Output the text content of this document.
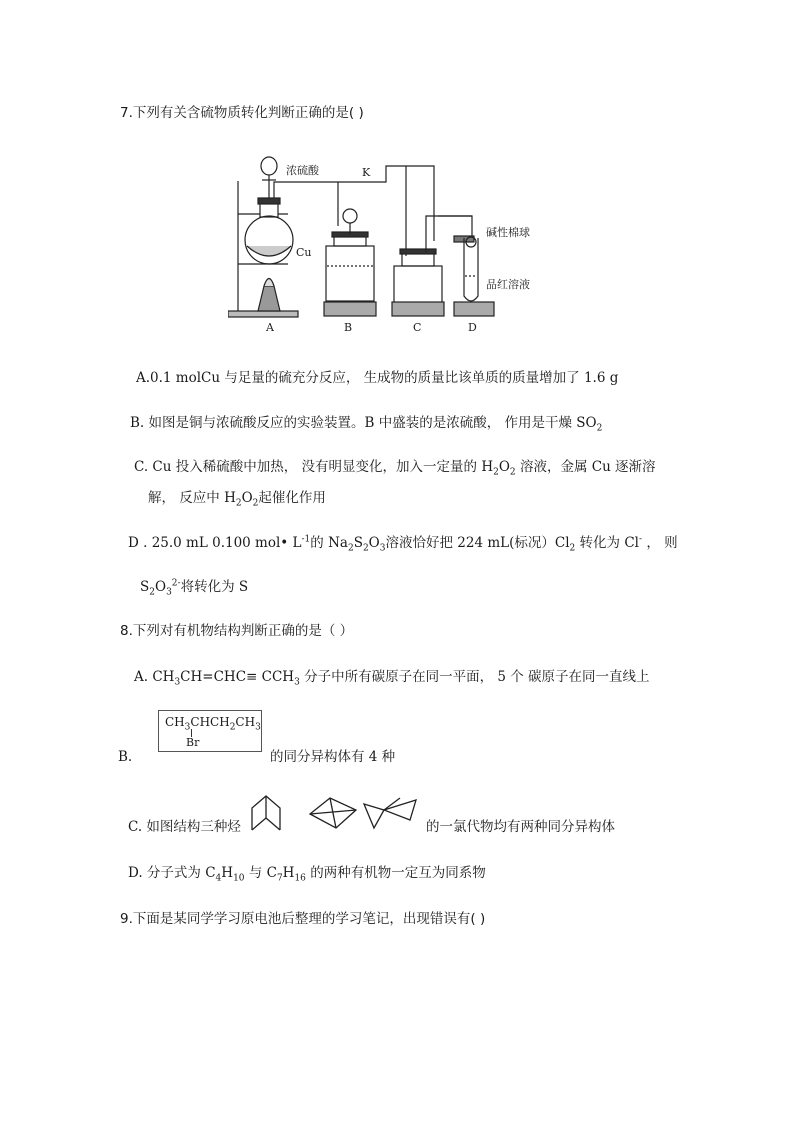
7.下列有关含硫物质转化判断正确的是( )
浓硫酸	K
Cu
碱性棉球
品红溶液
A	B	C	D
A.0.1 molCu 与足量的硫充分反应， 生成物的质量比该单质的质量增加了 1.6 g
B. 如图是铜与浓硫酸反应的实验装置。B 中盛装的是浓硫酸， 作用是干燥 $SO_2$
C. Cu 投入稀硫酸中加热， 没有明显变化，加入一定量的 $H_2O_2$ 溶液，金属 Cu 逐渐溶
解， 反应中 $H_2O_2$起催化作用
D . 25.0 mL 0.100 mol• $L^{-1}$的 $Na_2S_2O_3$溶液恰好把 224 mL(标况）$Cl_2$ 转化为 Cl- ， 则
$S_2O_3^{2-}$将转化为 S
8.下列对有机物结构判断正确的是（ ）
A. $CH_3CH=CHC\equiv CCH_3$ 分子中所有碳原子在同一平面， 5 个 碳原子在同一直线上
B.
$CH_3CHCH_2CH_3$
Br
的同分异构体有 4 种
C. 如图结构三种烃	的一氯代物均有两种同分异构体
D. 分子式为 $C_4H_{10}$ 与 $C_7H_{16}$ 的两种有机物一定互为同系物
9.下面是某同学学习原电池后整理的学习笔记，出现错误有( )
